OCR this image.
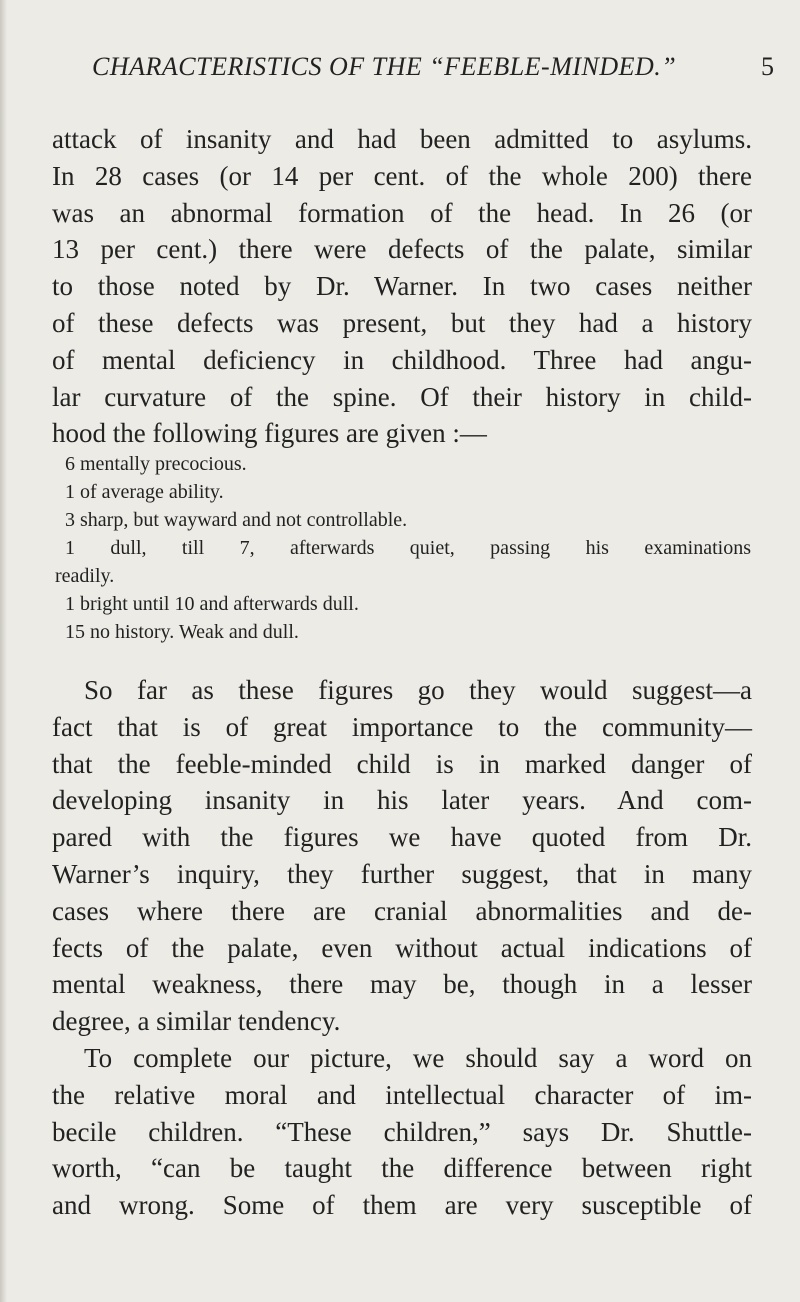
CHARACTERISTICS OF THE “FEEBLE-MINDED.”	5
attack of insanity and had been admitted to asylums.
In 28 cases (or 14 per cent. of the whole 200) there
was an abnormal formation of the head. In 26 (or
13 per cent.) there were defects of the palate, similar
to those noted by Dr. Warner. In two cases neither
of these defects was present, but they had a history
of mental deficiency in childhood. Three had angu-
lar curvature of the spine. Of their history in child-
hood the following figures are given :—
6 mentally precocious.
1 of average ability.
3 sharp, but wayward and not controllable.
1 dull, till 7, afterwards quiet, passing his examinations
readily.
1 bright until 10 and afterwards dull.
15 no history. Weak and dull.
So far as these figures go they would suggest—a
fact that is of great importance to the community—
that the feeble-minded child is in marked danger of
developing insanity in his later years. And com-
pared with the figures we have quoted from Dr.
Warner’s inquiry, they further suggest, that in many
cases where there are cranial abnormalities and de-
fects of the palate, even without actual indications of
mental weakness, there may be, though in a lesser
degree, a similar tendency.
To complete our picture, we should say a word on
the relative moral and intellectual character of im-
becile children. “These children,” says Dr. Shuttle-
worth, “can be taught the difference between right
and wrong. Some of them are very susceptible of
